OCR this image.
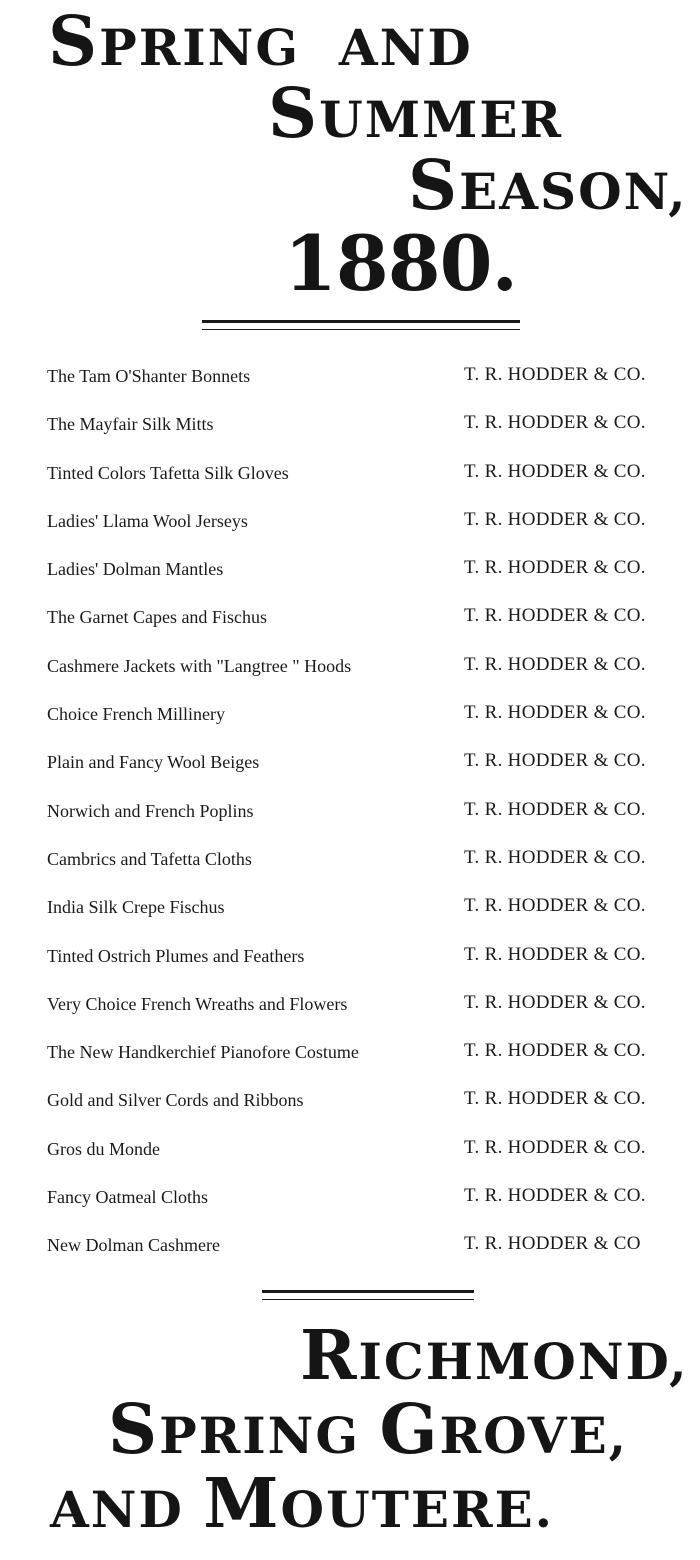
SPRING  AND
SUMMER
SEASON,
1880.
The Tam O'Shanter Bonnets	T. R. HODDER & CO.
The Mayfair Silk Mitts	T. R. HODDER & CO.
Tinted Colors Tafetta Silk Gloves	T. R. HODDER & CO.
Ladies' Llama Wool Jerseys	T. R. HODDER & CO.
Ladies' Dolman Mantles	T. R. HODDER & CO.
The Garnet Capes and Fischus	T. R. HODDER & CO.
Cashmere Jackets with "Langtree " Hoods	T. R. HODDER & CO.
Choice French Millinery	T. R. HODDER & CO.
Plain and Fancy Wool Beiges	T. R. HODDER & CO.
Norwich and French Poplins	T. R. HODDER & CO.
Cambrics and Tafetta Cloths	T. R. HODDER & CO.
India Silk Crepe Fischus	T. R. HODDER & CO.
Tinted Ostrich Plumes and Feathers	T. R. HODDER & CO.
Very Choice French Wreaths and Flowers	T. R. HODDER & CO.
The New Handkerchief Pianofore Costume	T. R. HODDER & CO.
Gold and Silver Cords and Ribbons	T. R. HODDER & CO.
Gros du Monde	T. R. HODDER & CO.
Fancy Oatmeal Cloths	T. R. HODDER & CO.
New Dolman Cashmere	T. R. HODDER & CO
RICHMOND,
SPRING GROVE,
AND MOUTERE.
